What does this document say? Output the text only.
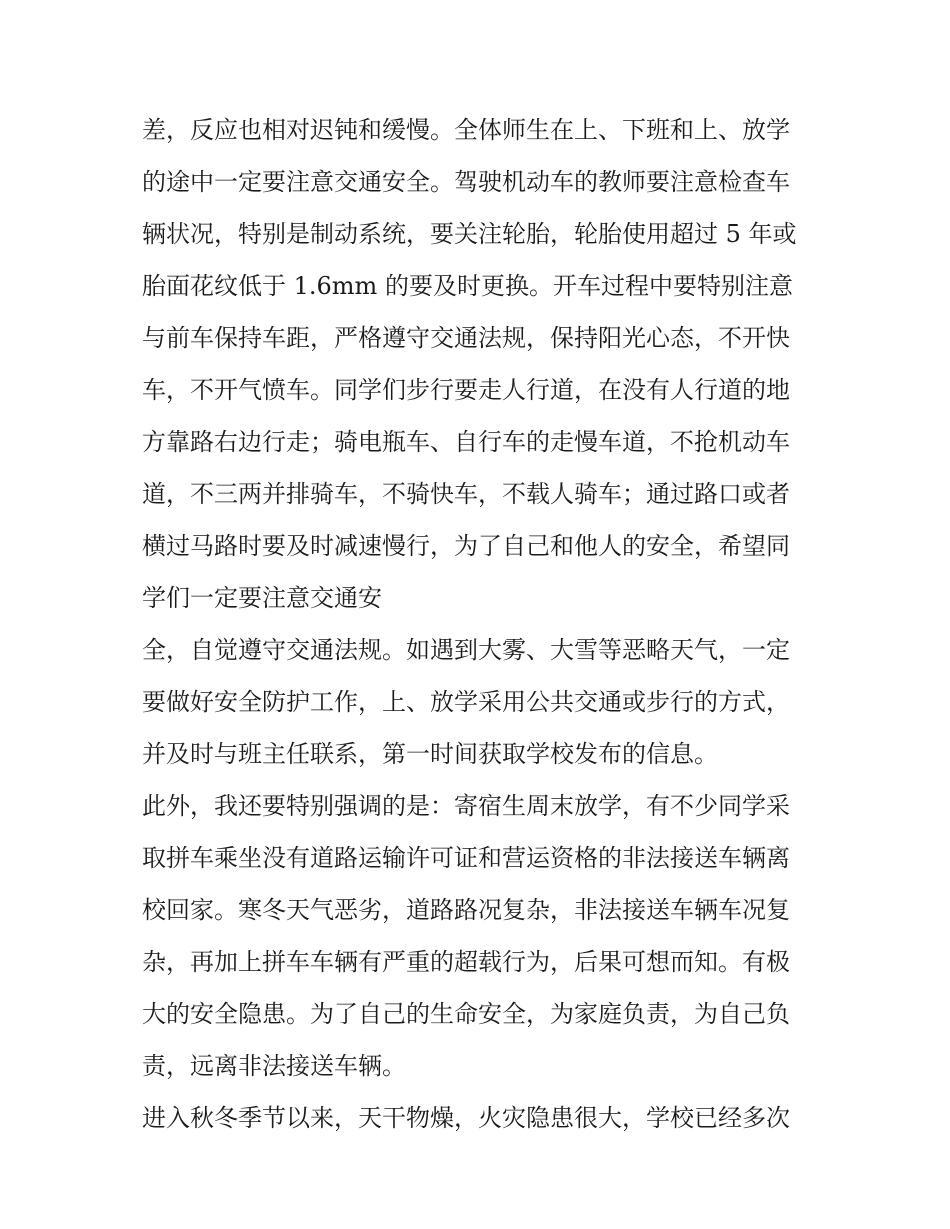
差，反应也相对迟钝和缓慢。全体师生在上、下班和上、放学
的途中一定要注意交通安全。驾驶机动车的教师要注意检查车
辆状况，特别是制动系统，要关注轮胎，轮胎使用超过 5 年或
胎面花纹低于 1.6mm 的要及时更换。开车过程中要特别注意
与前车保持车距，严格遵守交通法规，保持阳光心态，不开快
车，不开气愤车。同学们步行要走人行道，在没有人行道的地
方靠路右边行走；骑电瓶车、自行车的走慢车道，不抢机动车
道，不三两并排骑车，不骑快车，不载人骑车；通过路口或者
横过马路时要及时减速慢行，为了自己和他人的安全，希望同
学们一定要注意交通安
全，自觉遵守交通法规。如遇到大雾、大雪等恶略天气，一定
要做好安全防护工作，上、放学采用公共交通或步行的方式，
并及时与班主任联系，第一时间获取学校发布的信息。
此外，我还要特别强调的是：寄宿生周末放学，有不少同学采
取拼车乘坐没有道路运输许可证和营运资格的非法接送车辆离
校回家。寒冬天气恶劣，道路路况复杂，非法接送车辆车况复
杂，再加上拼车车辆有严重的超载行为，后果可想而知。有极
大的安全隐患。为了自己的生命安全，为家庭负责，为自己负
责，远离非法接送车辆。
进入秋冬季节以来，天干物燥，火灾隐患很大，学校已经多次
